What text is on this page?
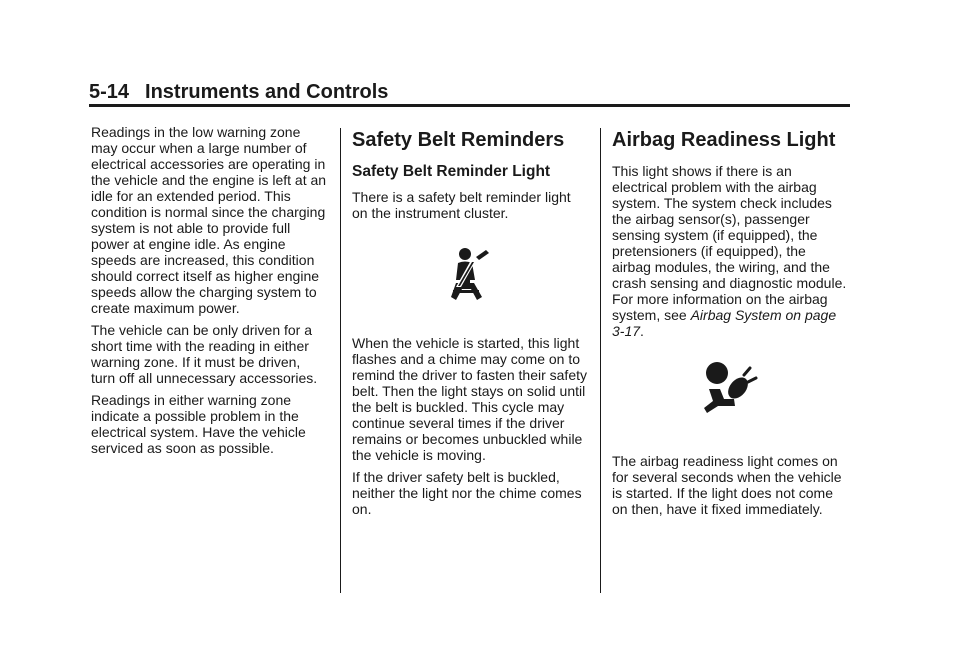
5-14 Instruments and Controls

Readings in the low warning zone may occur when a large number of electrical accessories are operating in the vehicle and the engine is left at an idle for an extended period. This condition is normal since the charging system is not able to provide full power at engine idle. As engine speeds are increased, this condition should correct itself as higher engine speeds allow the charging system to create maximum power.

The vehicle can be only driven for a short time with the reading in either warning zone. If it must be driven, turn off all unnecessary accessories.

Readings in either warning zone indicate a possible problem in the electrical system. Have the vehicle serviced as soon as possible.

Safety Belt Reminders
Safety Belt Reminder Light

There is a safety belt reminder light on the instrument cluster.

When the vehicle is started, this light flashes and a chime may come on to remind the driver to fasten their safety belt. Then the light stays on solid until the belt is buckled. This cycle may continue several times if the driver remains or becomes unbuckled while the vehicle is moving.

If the driver safety belt is buckled, neither the light nor the chime comes on.

Airbag Readiness Light

This light shows if there is an electrical problem with the airbag system. The system check includes the airbag sensor(s), passenger sensing system (if equipped), the pretensioners (if equipped), the airbag modules, the wiring, and the crash sensing and diagnostic module. For more information on the airbag system, see Airbag System on page 3-17.

The airbag readiness light comes on for several seconds when the vehicle is started. If the light does not come on then, have it fixed immediately.
